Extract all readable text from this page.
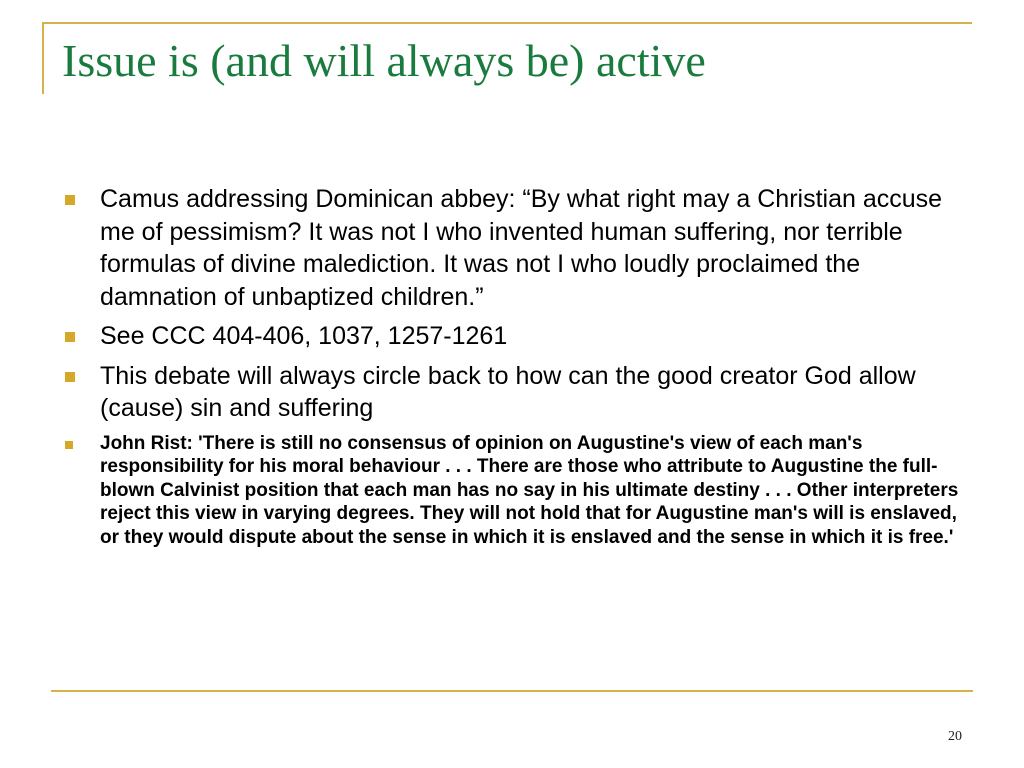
Issue is (and will always be) active
Camus addressing Dominican abbey: “By what right may a Christian accuse me of pessimism? It was not I who invented human suffering, nor terrible formulas of divine malediction. It was not I who loudly proclaimed the damnation of unbaptized children.”
See CCC 404-406, 1037, 1257-1261
This debate will always circle back to how can the good creator God allow (cause) sin and suffering
John Rist: 'There is still no consensus of opinion on Augustine's view of each man's responsibility for his moral behaviour . . . There are those who attribute to Augustine the full-blown Calvinist position that each man has no say in his ultimate destiny . . . Other interpreters reject this view in varying degrees. They will not hold that for Augustine man's will is enslaved, or they would dispute about the sense in which it is enslaved and the sense in which it is free.'
20
